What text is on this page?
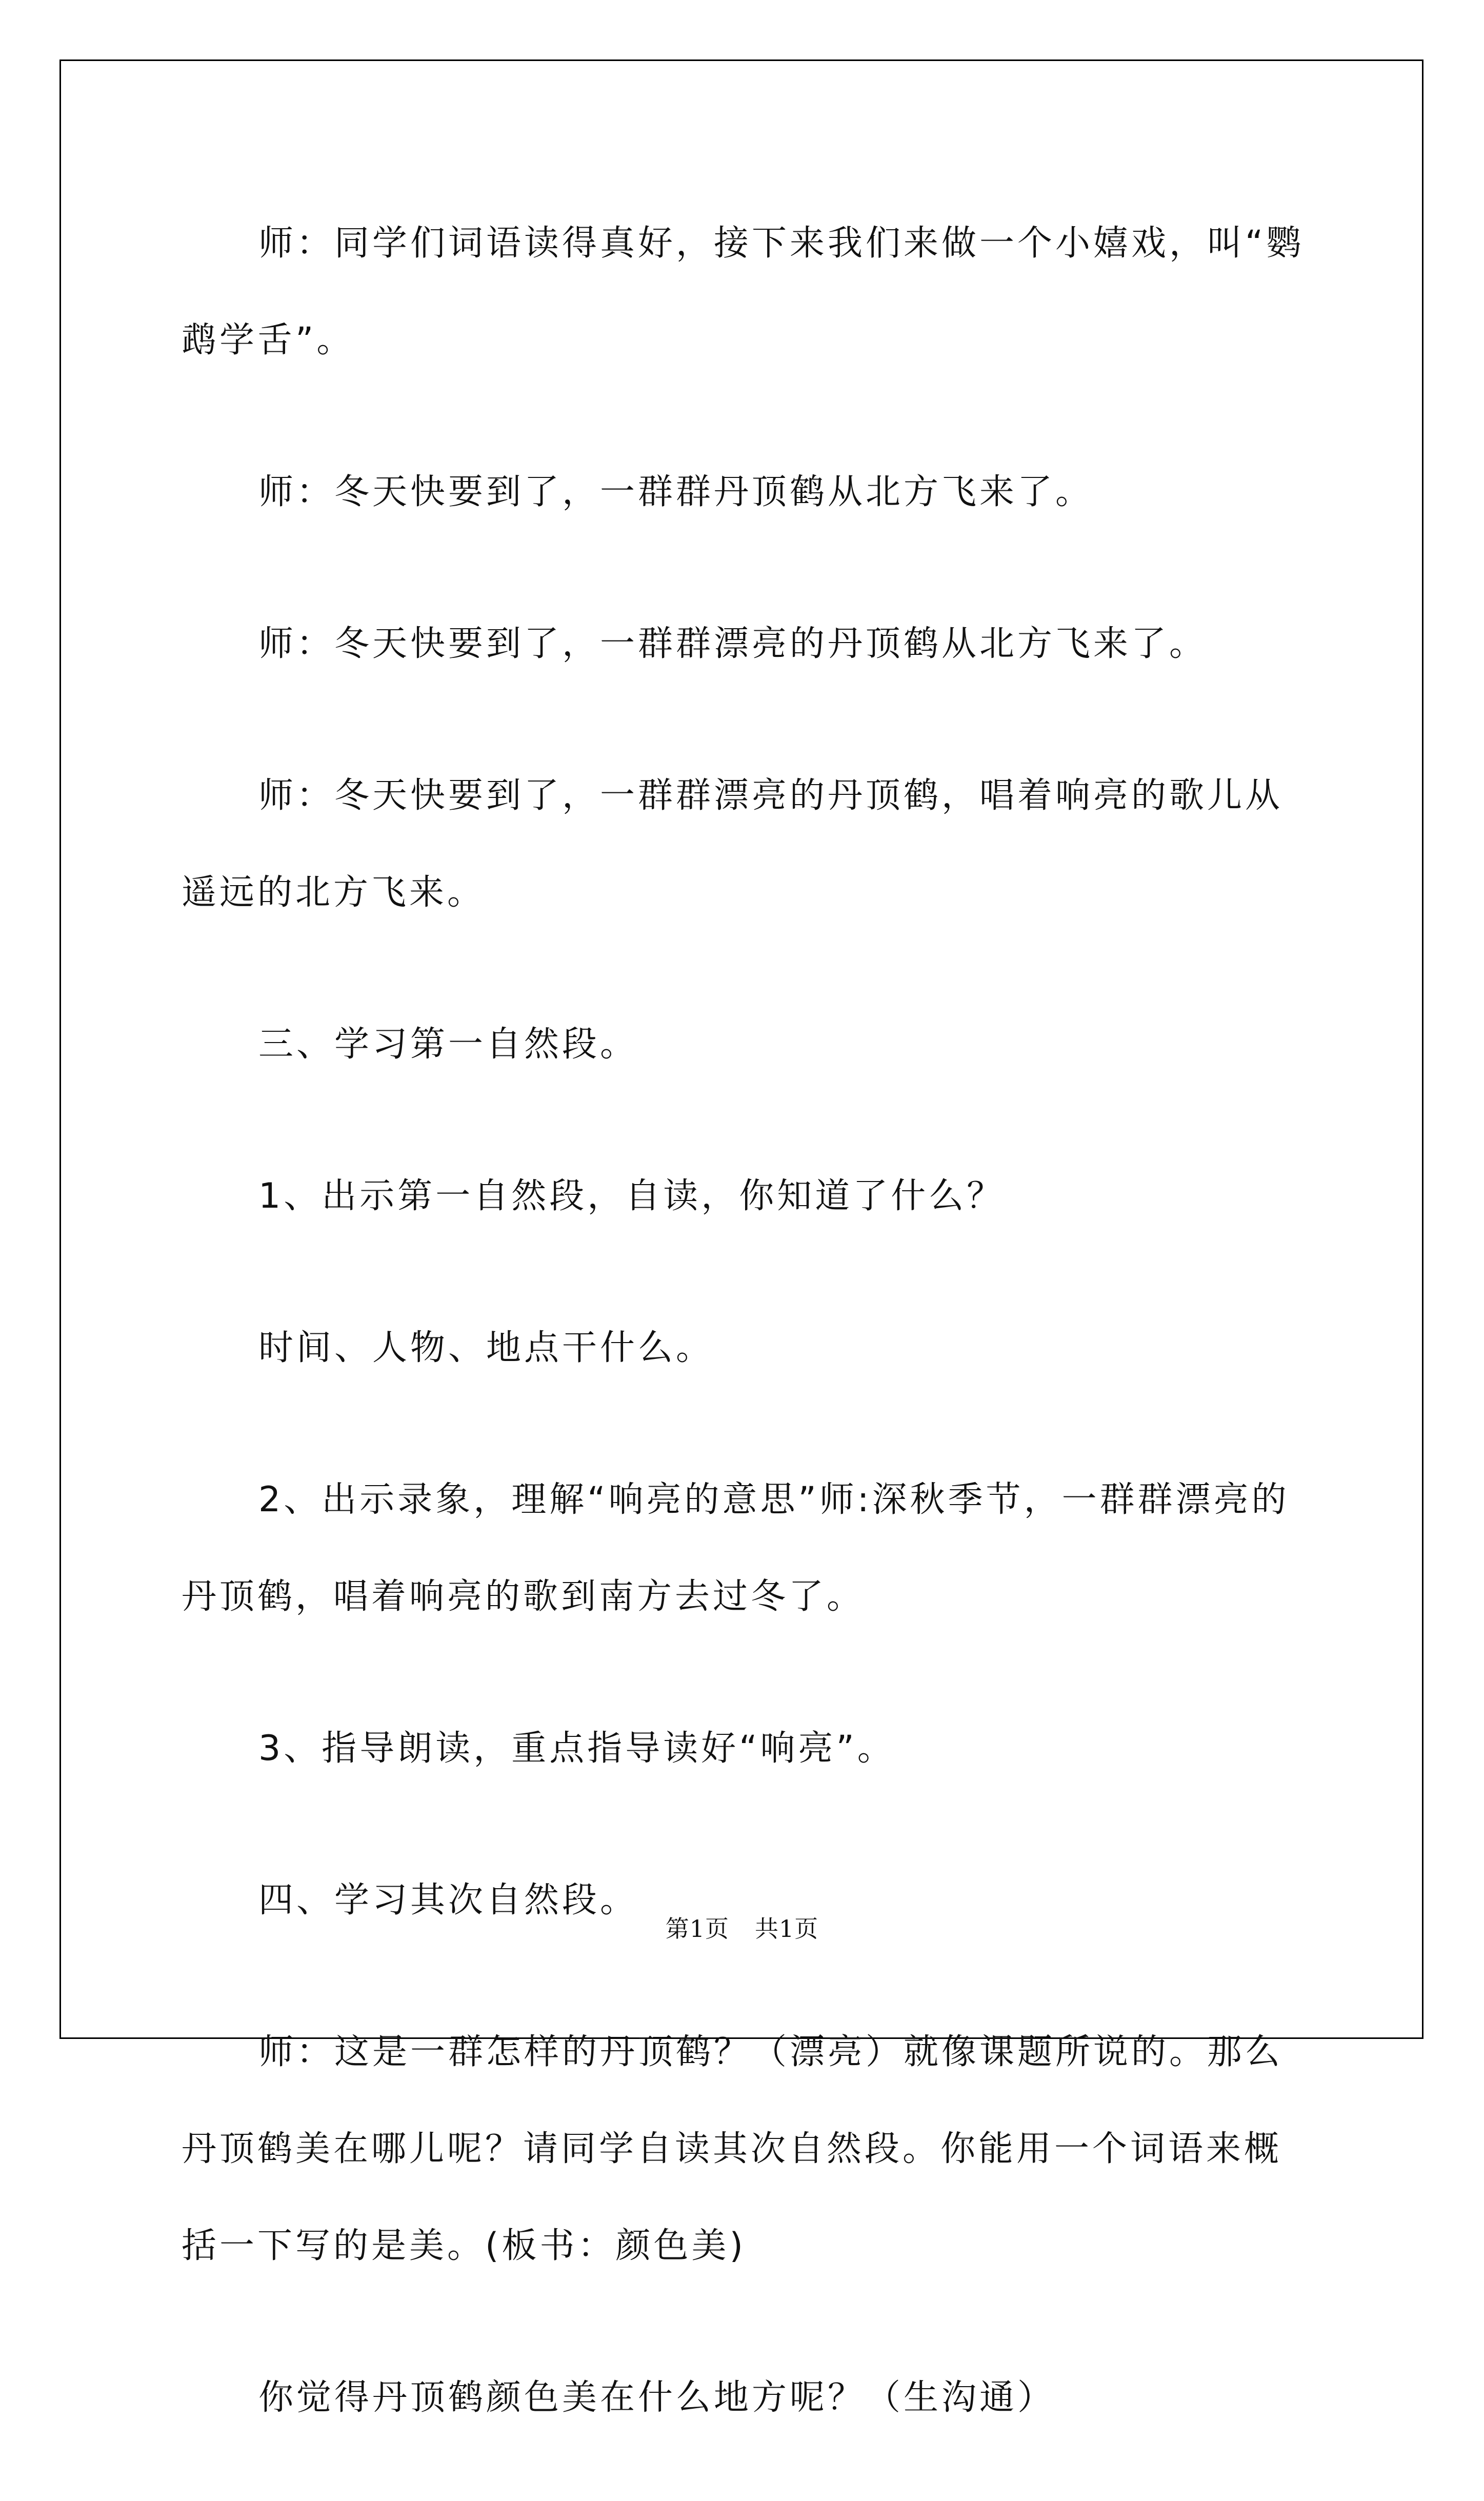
师：同学们词语读得真好，接下来我们来做一个小嬉戏，叫“鹦鹉学舌”。

师：冬天快要到了，一群群丹顶鹤从北方飞来了。

师：冬天快要到了，一群群漂亮的丹顶鹤从北方飞来了。

师：冬天快要到了，一群群漂亮的丹顶鹤，唱着响亮的歌儿从遥远的北方飞来。

三、学习第一自然段。

1、出示第一自然段，自读，你知道了什么？

时间、人物、地点干什么。

2、出示录象，理解“响亮的意思”师:深秋季节，一群群漂亮的丹顶鹤，唱着响亮的歌到南方去过冬了。

3、指导朗读，重点指导读好“响亮”。

四、学习其次自然段。

师：这是一群怎样的丹顶鹤？（漂亮）就像课题所说的。那么丹顶鹤美在哪儿呢？请同学自读其次自然段。你能用一个词语来概括一下写的是美。(板书：颜色美)

你觉得丹顶鹤颜色美在什么地方呢？（生沟通）

第1页 共1页
